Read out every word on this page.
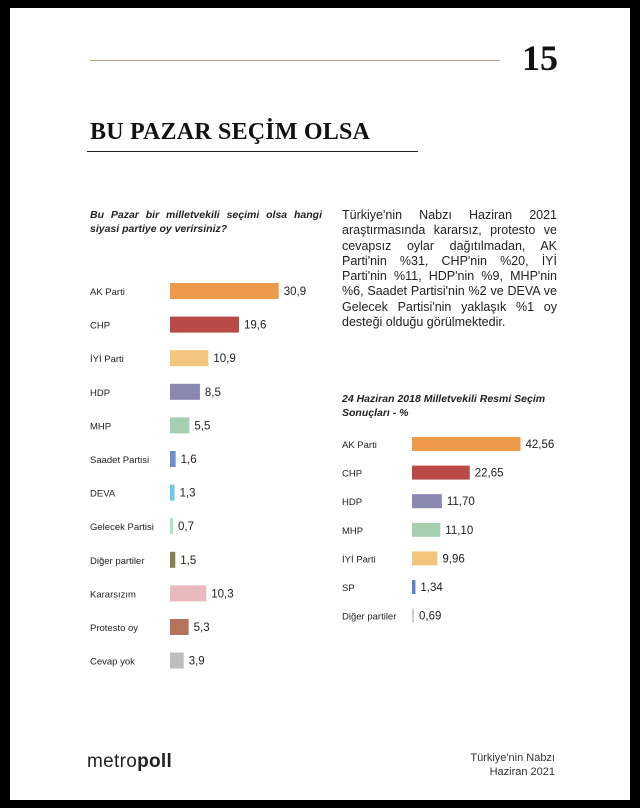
15
BU PAZAR SEÇİM OLSA
Bu Pazar bir milletvekili seçimi olsa hangi siyasi partiye oy verirsiniz?
Türkiye'nin Nabzı Haziran 2021 araştırmasında kararsız, protesto ve cevapsız oylar dağıtılmadan, AK Parti'nin %31, CHP'nin %20, İYİ Parti'nin %11, HDP'nin %9, MHP'nin %6, Saadet Partisi'nin %2 ve DEVA ve Gelecek Partisi'nin yaklaşık %1 oy desteği olduğu görülmektedir.
24 Haziran 2018 Milletvekili Resmi Seçim Sonuçları - %
AK Parti	30,9
CHP	19,6
İYİ Parti	10,9
HDP	8,5
MHP	5,5
Saadet Partisi	1,6
DEVA	1,3
Gelecek Partisi 0,7
Diğer partiler	1,5
Kararsızım	10,3
Protesto oy	5,3
Cevap yok	3,9
AK Parti	42,56
CHP	22,65
HDP	11,70
MHP	11,10
İYİ Parti	9,96
SP	1,34
Diğer partiler 0,69
metropoll	Türkiye'nin Nabzı
Haziran 2021
